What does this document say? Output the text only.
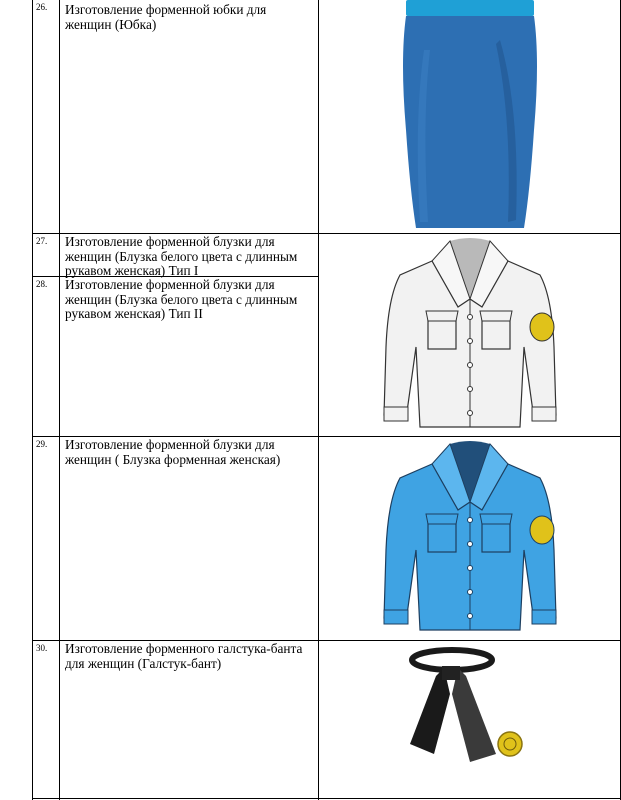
26. Изготовление форменной юбки для женщин (Юбка)
27. Изготовление форменной блузки для женщин (Блузка белого цвета с длинным рукавом женская) Тип I
28. Изготовление форменной блузки для женщин (Блузка белого цвета с длинным рукавом женская) Тип II
29. Изготовление форменной блузки для женщин ( Блузка форменная женская)
30. Изготовление форменного галстука-банта для женщин (Галстук-бант)
